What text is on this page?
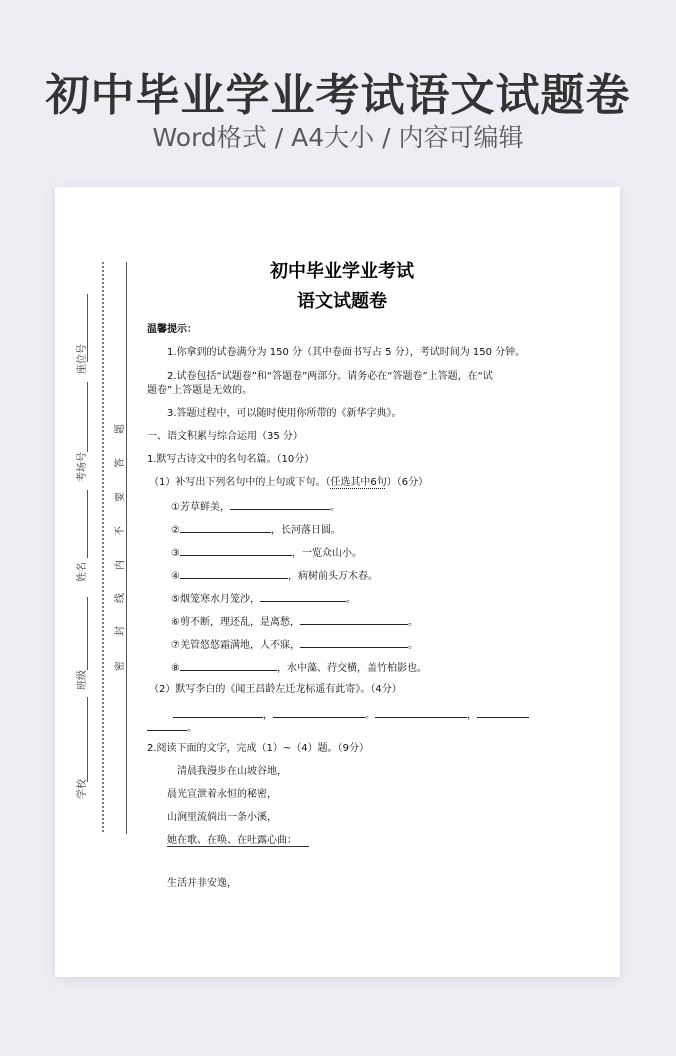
初中毕业学业考试语文试题卷
Word格式 / A4大小 / 内容可编辑
座位号
考场号
姓名
班级
学校
密
封
线
内
不
要
答
题
初中毕业学业考试
语文试题卷
温馨提示：
1.你拿到的试卷满分为 150 分（其中卷面书写占 5 分），考试时间为 150 分钟。
2.试卷包括“试题卷”和“答题卷”两部分。请务必在“答题卷”上答题，在“试
题卷”上答题是无效的。
3.答题过程中，可以随时使用你所带的《新华字典》。
一、语文积累与综合运用（35 分）
1.默写古诗文中的名句名篇。（10分）
（1）补写出下列名句中的上句或下句。（任选其中6句）（6分）
①芳草鲜美，	。
②	，长河落日圆。
③	，一览众山小。
④	，病树前头万木春。
⑤烟笼寒水月笼沙，	。
⑥剪不断，理还乱，是离愁，	。
⑦羌管悠悠霜满地，人不寐，	。
⑧	，水中藻、荇交横，盖竹柏影也。
（2）默写李白的《闻王昌龄左迁龙标遥有此寄》。（4分）
，	。	，
。
2.阅读下面的文字，完成（1）~（4）题。（9分）
清晨我漫步在山坡谷地，
晨光宣泄着永恒的秘密，
山涧里流倘出一条小溪，
她在歌、在唤、在吐露心曲：
生活并非安逸，
